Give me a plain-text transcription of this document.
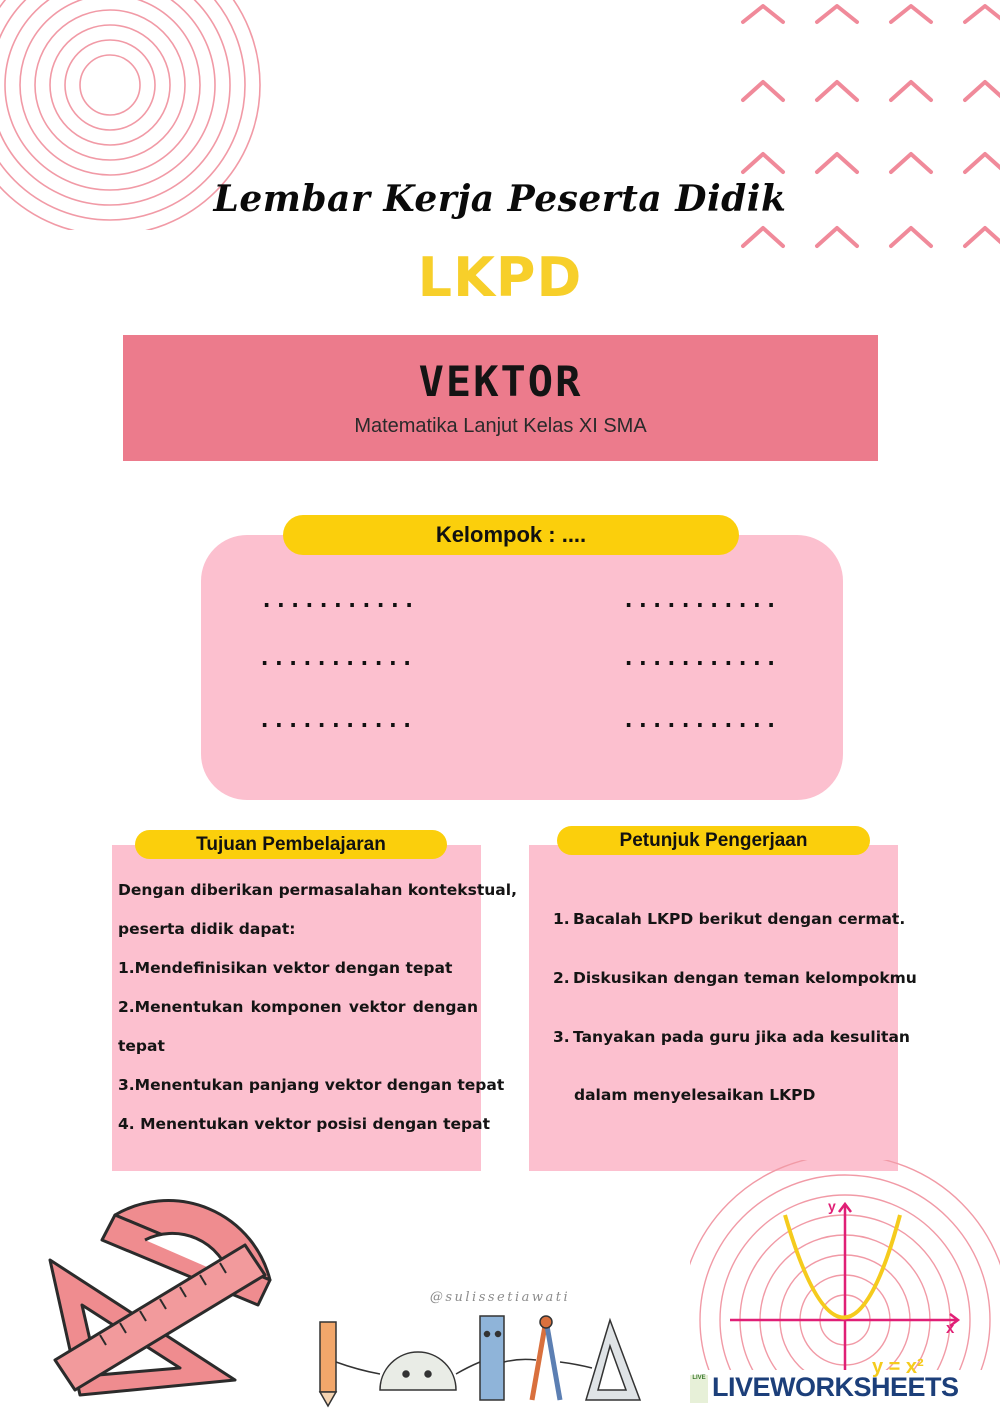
Lembar Kerja Peserta Didik
LKPD
VEKTOR
Matematika Lanjut Kelas XI SMA
Kelompok : ....
...........	...........
...........	...........
...........	...........
Tujuan Pembelajaran
Dengan diberikan permasalahan kontekstual,
peserta didik dapat:
1.Mendefinisikan vektor dengan tepat
2.Menentukan komponen vektor dengan
tepat
3.Menentukan panjang vektor dengan tepat
4. Menentukan vektor posisi dengan tepat
Petunjuk Pengerjaan
1. Bacalah LKPD berikut dengan cermat.
2. Diskusikan dengan teman kelompokmu
3. Tanyakan pada guru jika ada kesulitan
dalam menyelesaikan LKPD
@sulissetiawati
y
x
y = x²
LIVE LIVEWORKSHEETS
